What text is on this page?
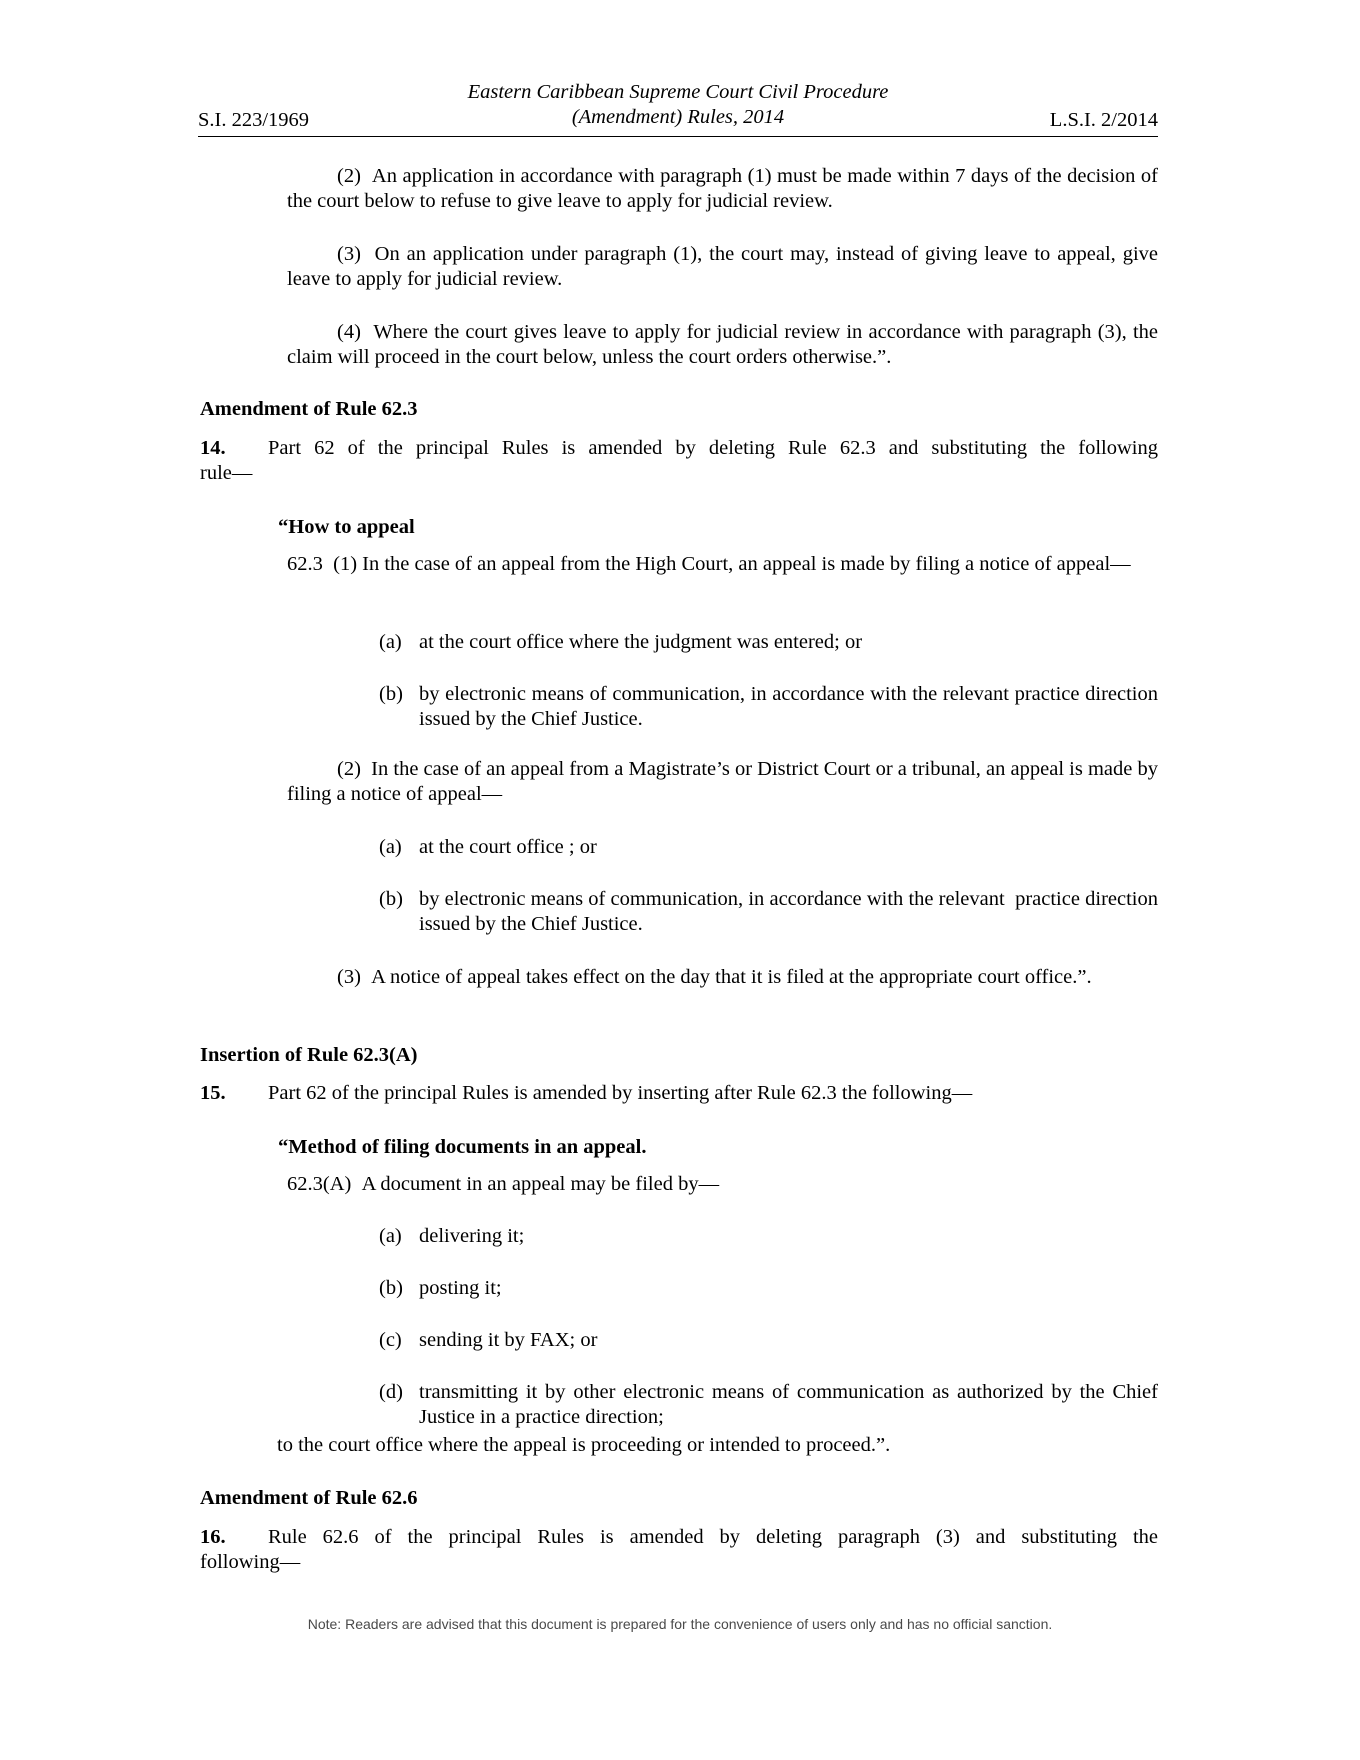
Eastern Caribbean Supreme Court Civil Procedure
(Amendment) Rules, 2014
S.I. 223/1969	L.S.I. 2/2014

(2)  An application in accordance with paragraph (1) must be made within 7 days of the decision of the court below to refuse to give leave to apply for judicial review.

(3)  On an application under paragraph (1), the court may, instead of giving leave to appeal, give leave to apply for judicial review.

(4)  Where the court gives leave to apply for judicial review in accordance with paragraph (3), the claim will proceed in the court below, unless the court orders otherwise.”.

Amendment of Rule 62.3
14. Part 62 of the principal Rules is amended by deleting Rule 62.3 and substituting the following

rule—

“How to appeal

62.3  (1) In the case of an appeal from the High Court, an appeal is made by filing a notice of appeal—

(a) at the court office where the judgment was entered; or
(b) by electronic means of communication, in accordance with the relevant practice direction issued by the Chief Justice.

(2)  In the case of an appeal from a Magistrate’s or District Court or a tribunal, an appeal is made by filing a notice of appeal—

(a) at the court office ; or
(b) by electronic means of communication, in accordance with the relevant  practice direction issued by the Chief Justice.

(3)  A notice of appeal takes effect on the day that it is filed at the appropriate court office.”.

Insertion of Rule 62.3(A)
15. Part 62 of the principal Rules is amended by inserting after Rule 62.3 the following—

“Method of filing documents in an appeal.

62.3(A)  A document in an appeal may be filed by—

(a) delivering it;
(b) posting it;
(c) sending it by FAX; or
(d) transmitting it by other electronic means of communication as authorized by the Chief Justice in a practice direction;

to the court office where the appeal is proceeding or intended to proceed.”.

Amendment of Rule 62.6
16. Rule 62.6 of the principal Rules is amended by deleting paragraph (3) and substituting the

following—

Note: Readers are advised that this document is prepared for the convenience of users only and has no official sanction.
